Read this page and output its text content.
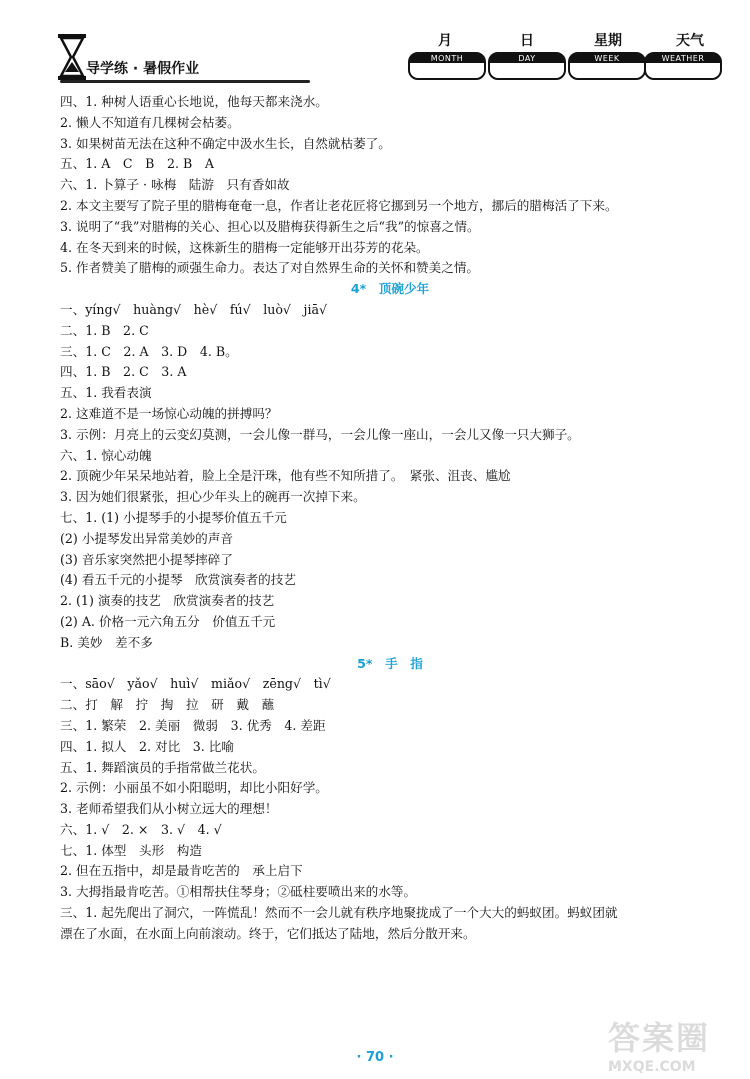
导学练 · 暑假作业
月	日	星期	天气
MONTH	DAY	WEEK	WEATHER
四、1. 种树人语重心长地说，他每天都来浇水。
2. 懒人不知道有几棵树会枯萎。
3. 如果树苗无法在这种不确定中汲水生长，自然就枯萎了。
五、1. A　C　B　2. B　A
六、1. 卜算子 · 咏梅　陆游　只有香如故
2. 本文主要写了院子里的腊梅奄奄一息，作者让老花匠将它挪到另一个地方，挪后的腊梅活了下来。
3. 说明了“我”对腊梅的关心、担心以及腊梅获得新生之后“我”的惊喜之情。
4. 在冬天到来的时候，这株新生的腊梅一定能够开出芬芳的花朵。
5. 作者赞美了腊梅的顽强生命力。表达了对自然界生命的关怀和赞美之情。
4*　顶碗少年
一、yíng√　huàng√　hè√　fú√　luò√　jiā√
二、1. B　2. C
三、1. C　2. A　3. D　4. B。
四、1. B　2. C　3. A
五、1. 我看表演
2. 这难道不是一场惊心动魄的拼搏吗？
3. 示例：月亮上的云变幻莫测，一会儿像一群马，一会儿像一座山，一会儿又像一只大狮子。
六、1. 惊心动魄
2. 顶碗少年呆呆地站着，脸上全是汗珠，他有些不知所措了。　紧张、沮丧、尴尬
3. 因为她们很紧张，担心少年头上的碗再一次掉下来。
七、1. (1) 小提琴手的小提琴价值五千元
(2) 小提琴发出异常美妙的声音
(3) 音乐家突然把小提琴摔碎了
(4) 看五千元的小提琴　欣赏演奏者的技艺
2. (1) 演奏的技艺　欣赏演奏者的技艺
(2) A. 价格一元六角五分　价值五千元
B. 美妙　差不多
5*　手　指
一、sāo√　yǎo√　huì√　miǎo√　zēng√　tì√
二、打　解　拧　掏　拉　研　戴　蘸
三、1. 繁荣　2. 美丽　微弱　3. 优秀　4. 差距
四、1. 拟人　2. 对比　3. 比喻
五、1. 舞蹈演员的手指常做兰花状。
2. 示例：小丽虽不如小阳聪明，却比小阳好学。
3. 老师希望我们从小树立远大的理想！
六、1. √　2. ×　3. √　4. √
七、1. 体型　头形　构造
2. 但在五指中，却是最肯吃苦的　承上启下
3. 大拇指最肯吃苦。①相帮扶住琴身；②砥柱要喷出来的水等。
三、1. 起先爬出了洞穴，一阵慌乱！然而不一会儿就有秩序地聚拢成了一个大大的蚂蚁团。蚂蚁团就
漂在了水面，在水面上向前滚动。终于，它们抵达了陆地，然后分散开来。
· 70 ·
答案圈
MXQE.COM
